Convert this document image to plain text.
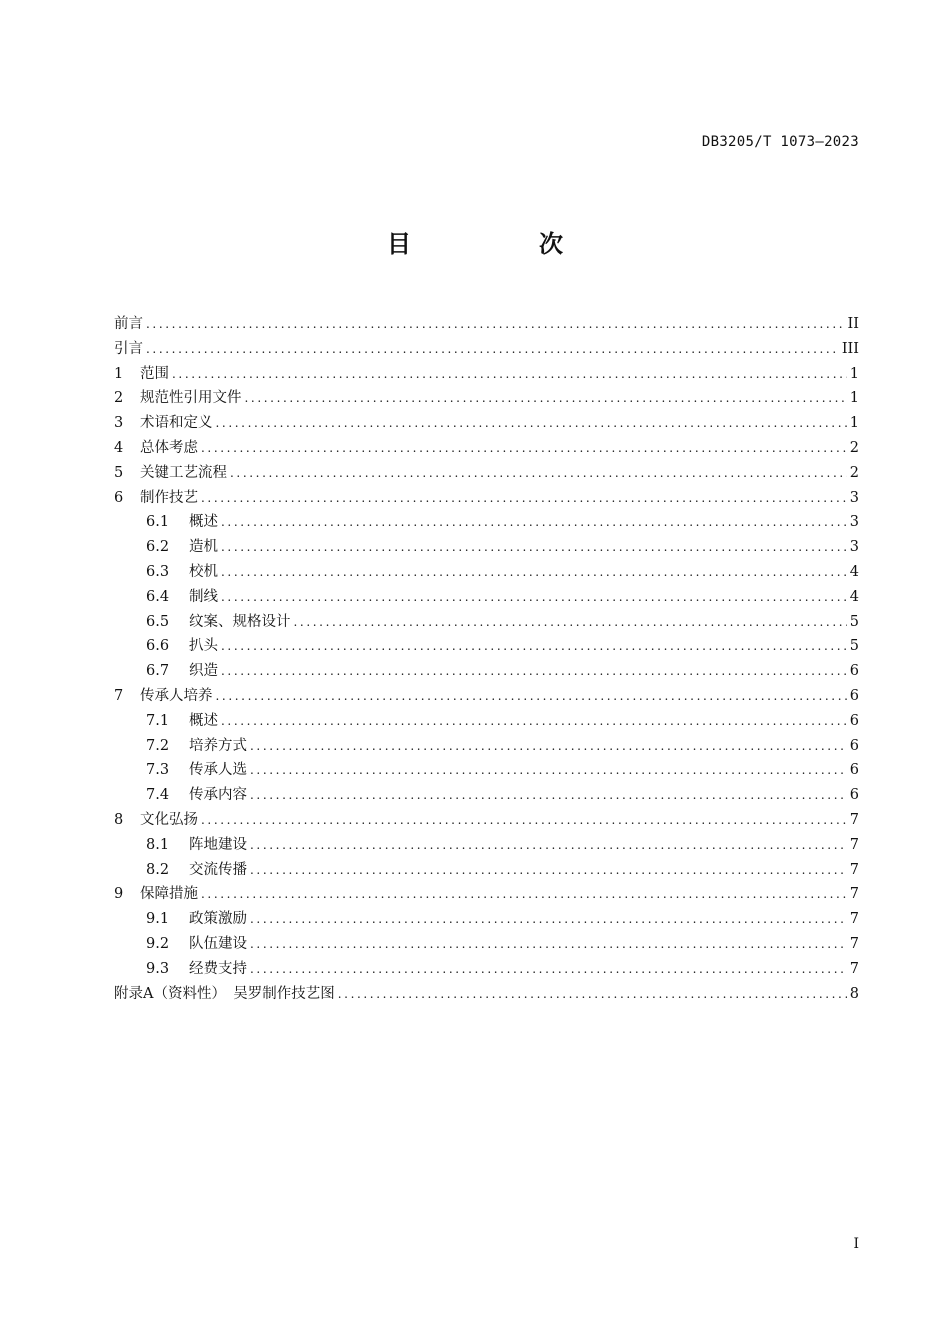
DB3205/T 1073—2023
目　次
前言 .....	II
引言 .....	III
1	范围 .....	1
2	规范性引用文件 .....	1
3	术语和定义 .....	1
4	总体考虑 .....	2
5	关键工艺流程 .....	2
6	制作技艺 .....	3
6.1	概述 .....	3
6.2	造机 .....	3
6.3	校机 .....	4
6.4	制线 .....	4
6.5	纹案、规格设计 .....	5
6.6	扒头 .....	5
6.7	织造 .....	6
7	传承人培养 .....	6
7.1	概述 .....	6
7.2	培养方式 .....	6
7.3	传承人选 .....	6
7.4	传承内容 .....	6
8	文化弘扬 .....	7
8.1	阵地建设 .....	7
8.2	交流传播 .....	7
9	保障措施 .....	7
9.1	政策激励 .....	7
9.2	队伍建设 .....	7
9.3	经费支持 .....	7
附录A（资料性）　吴罗制作技艺图 .....	8
I
